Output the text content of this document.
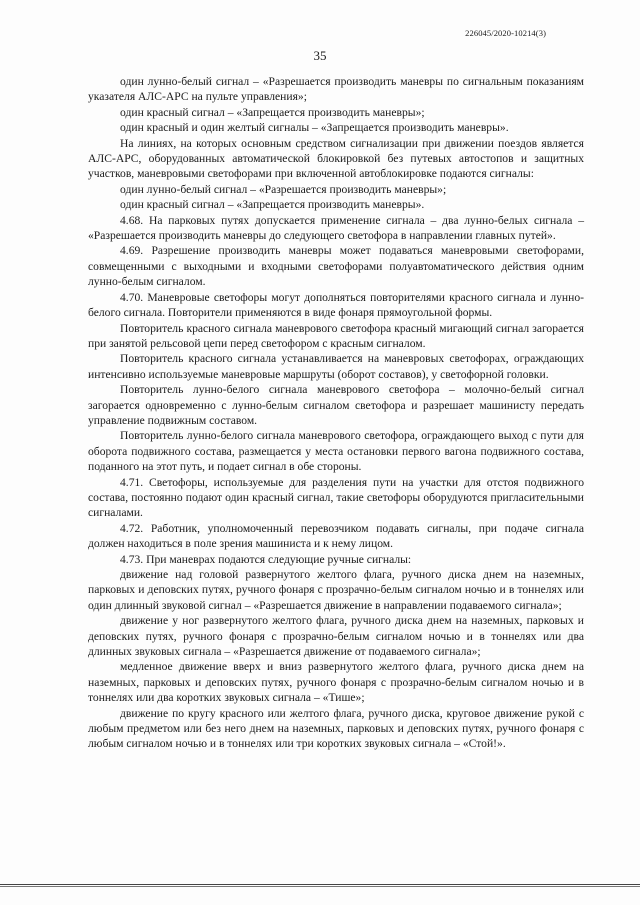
226045/2020-10214(3)
35

один лунно-белый сигнал – «Разрешается производить маневры по сигнальным показаниям указателя АЛС-АРС на пульте управления»;

один красный сигнал – «Запрещается производить маневры»;

один красный и один желтый сигналы – «Запрещается производить маневры».

На линиях, на которых основным средством сигнализации при движении поездов является АЛС-АРС, оборудованных автоматической блокировкой без путевых автостопов и защитных участков, маневровыми светофорами при включенной автоблокировке подаются сигналы:

один лунно-белый сигнал – «Разрешается производить маневры»;

один красный сигнал – «Запрещается производить маневры».

4.68. На парковых путях допускается применение сигнала – два лунно-белых сигнала – «Разрешается производить маневры до следующего светофора в направлении главных путей».

4.69. Разрешение производить маневры может подаваться маневровыми светофорами, совмещенными с выходными и входными светофорами полуавтоматического действия одним лунно-белым сигналом.

4.70. Маневровые светофоры могут дополняться повторителями красного сигнала и лунно-белого сигнала. Повторители применяются в виде фонаря прямоугольной формы.

Повторитель красного сигнала маневрового светофора красный мигающий сигнал загорается при занятой рельсовой цепи перед светофором с красным сигналом.

Повторитель красного сигнала устанавливается на маневровых светофорах, ограждающих интенсивно используемые маневровые маршруты (оборот составов), у светофорной головки.

Повторитель лунно-белого сигнала маневрового светофора – молочно-белый сигнал загорается одновременно с лунно-белым сигналом светофора и разрешает машинисту передать управление подвижным составом.

Повторитель лунно-белого сигнала маневрового светофора, ограждающего выход с пути для оборота подвижного состава, размещается у места остановки первого вагона подвижного состава, поданного на этот путь, и подает сигнал в обе стороны.

4.71. Светофоры, используемые для разделения пути на участки для отстоя подвижного состава, постоянно подают один красный сигнал, такие светофоры оборудуются пригласительными сигналами.

4.72. Работник, уполномоченный перевозчиком подавать сигналы, при подаче сигнала должен находиться в поле зрения машиниста и к нему лицом.

4.73. При маневрах подаются следующие ручные сигналы:

движение над головой развернутого желтого флага, ручного диска днем на наземных, парковых и деповских путях, ручного фонаря с прозрачно-белым сигналом ночью и в тоннелях или один длинный звуковой сигнал – «Разрешается движение в направлении подаваемого сигнала»;

движение у ног развернутого желтого флага, ручного диска днем на наземных, парковых и деповских путях, ручного фонаря с прозрачно-белым сигналом ночью и в тоннелях или два длинных звуковых сигнала – «Разрешается движение от подаваемого сигнала»;

медленное движение вверх и вниз развернутого желтого флага, ручного диска днем на наземных, парковых и деповских путях, ручного фонаря с прозрачно-белым сигналом ночью и в тоннелях или два коротких звуковых сигнала – «Тише»;

движение по кругу красного или желтого флага, ручного диска, круговое движение рукой с любым предметом или без него днем на наземных, парковых и деповских путях, ручного фонаря с любым сигналом ночью и в тоннелях или три коротких звуковых сигнала – «Стой!».
